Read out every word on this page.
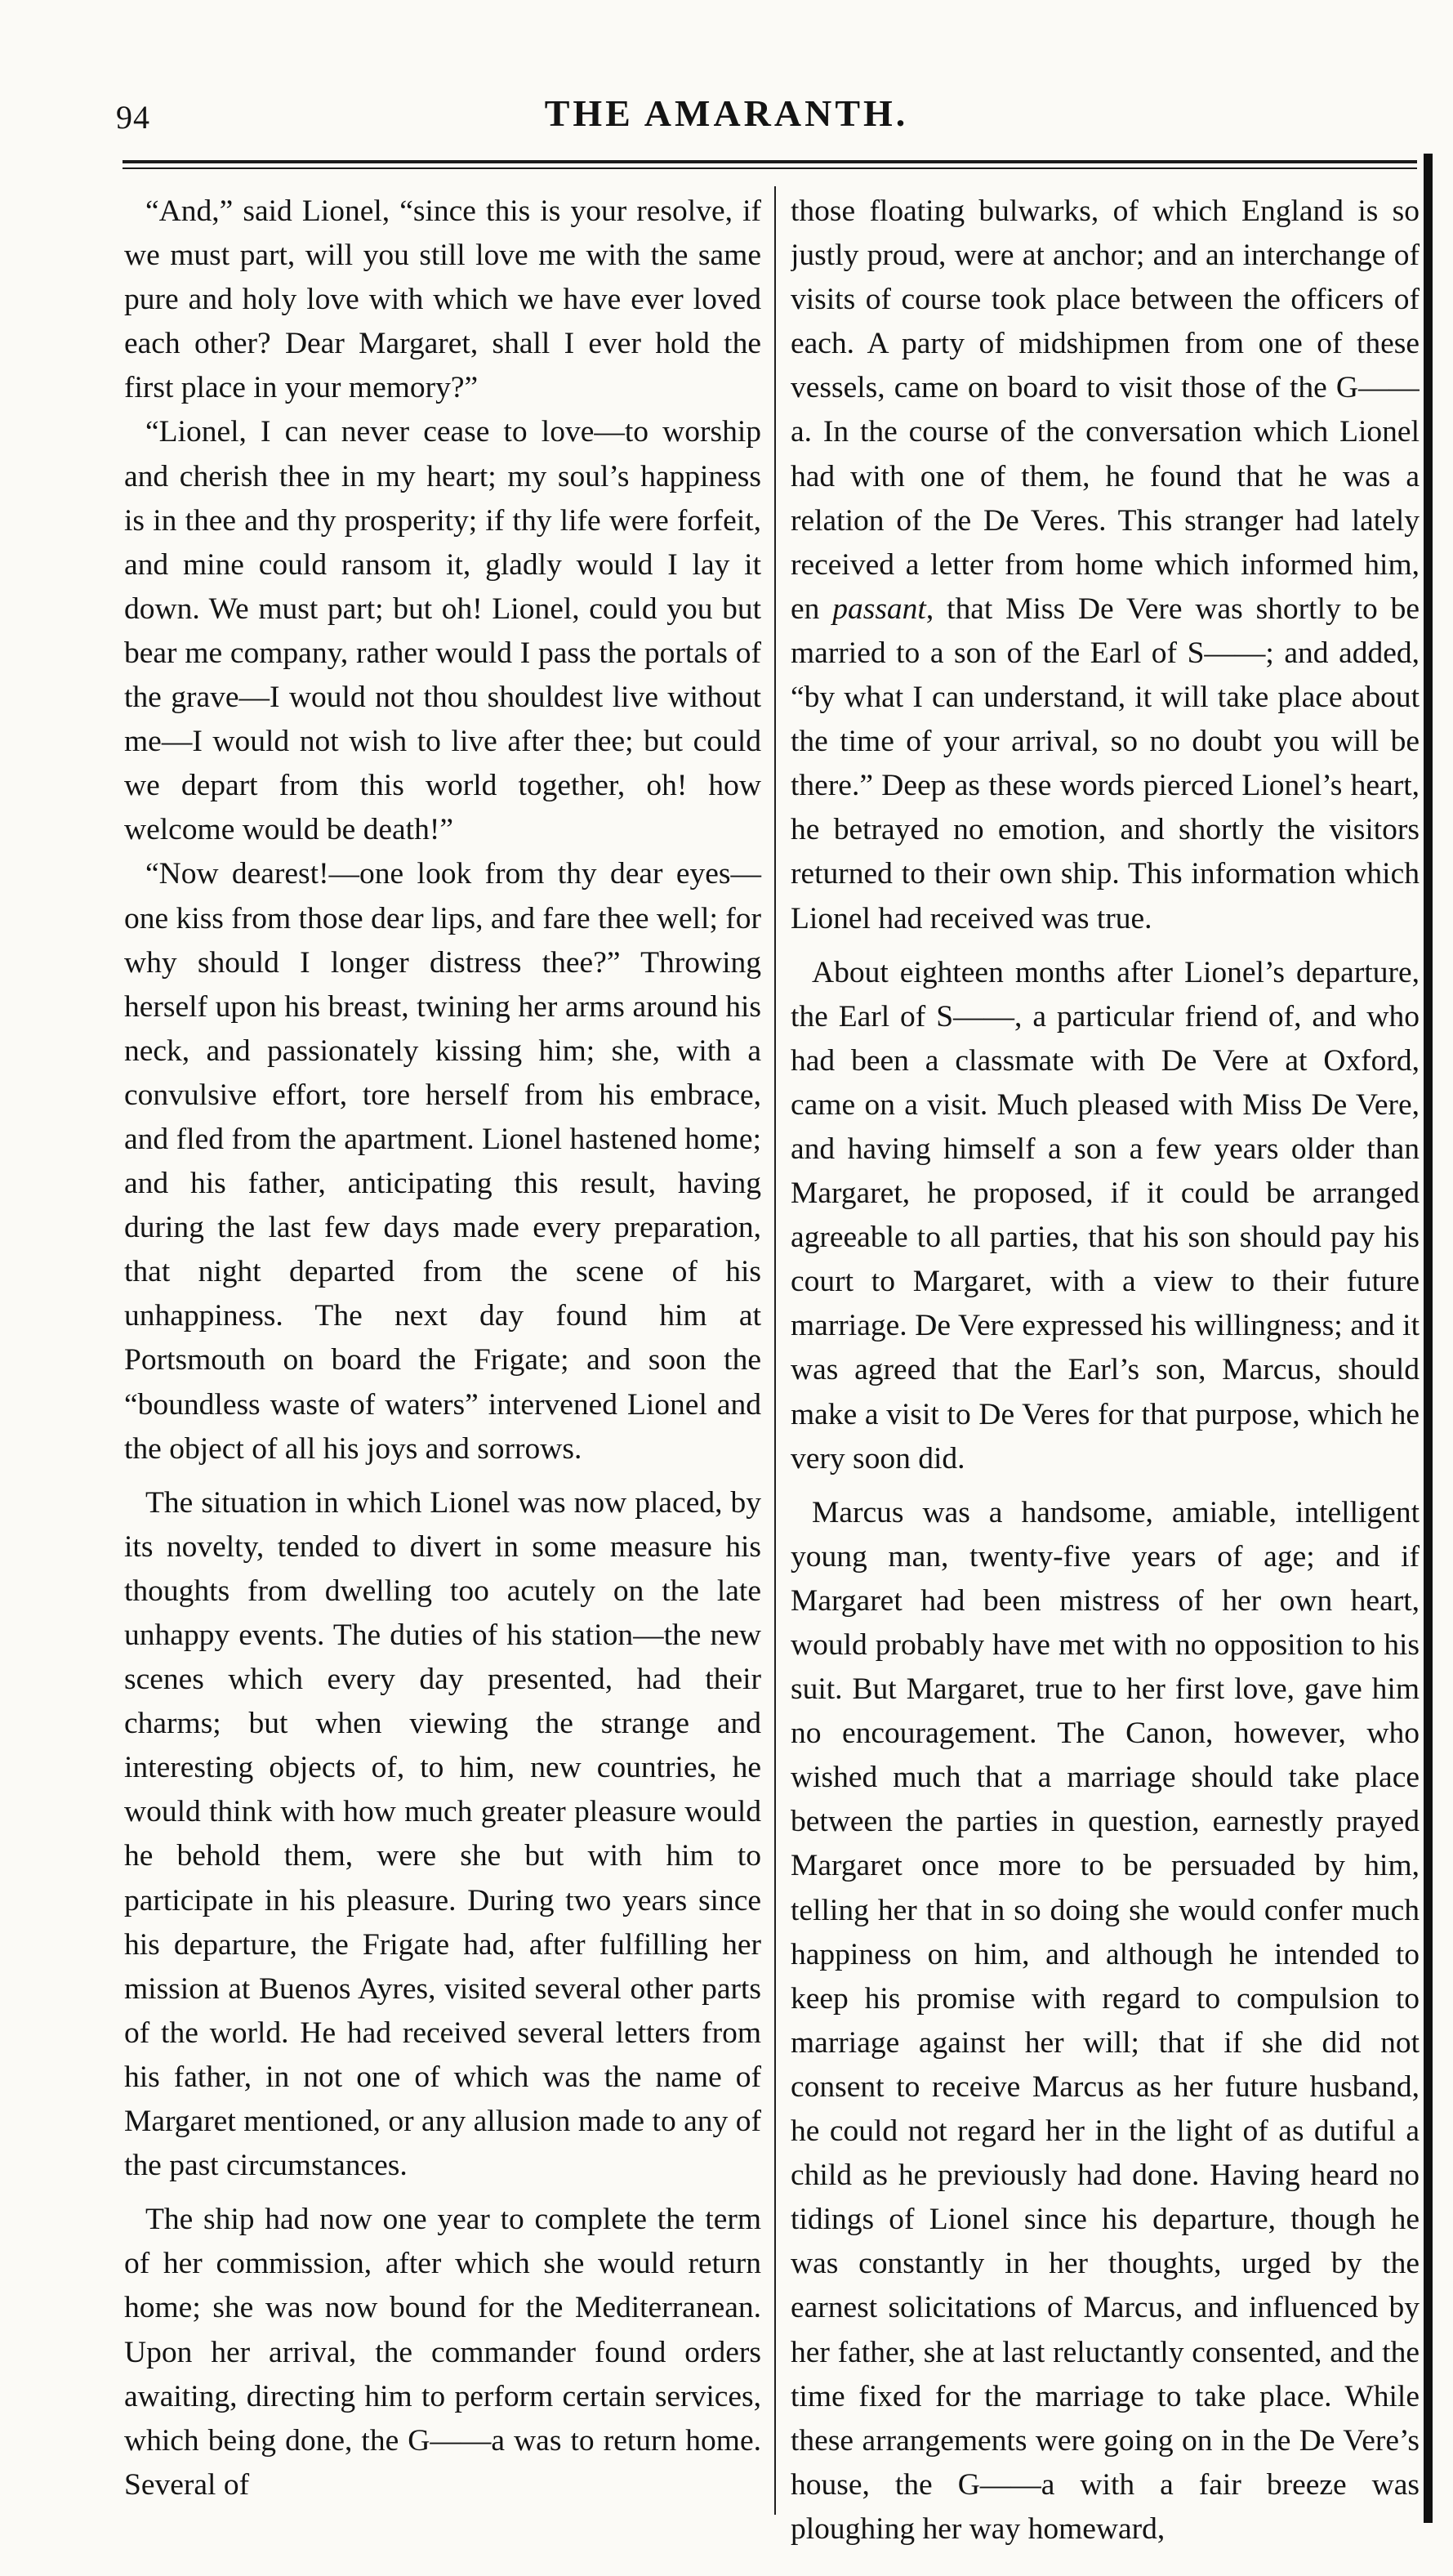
94	THE AMARANTH.

“And,” said Lionel, “since this is your resolve, if we must part, will you still love me with the same pure and holy love with which we have ever loved each other? Dear Margaret, shall I ever hold the first place in your memory?”

“Lionel, I can never cease to love—to worship and cherish thee in my heart; my soul’s happiness is in thee and thy prosperity; if thy life were forfeit, and mine could ransom it, gladly would I lay it down. We must part; but oh! Lionel, could you but bear me company, rather would I pass the portals of the grave—I would not thou shouldest live without me—I would not wish to live after thee; but could we depart from this world together, oh! how welcome would be death!”

“Now dearest!—one look from thy dear eyes—one kiss from those dear lips, and fare thee well; for why should I longer distress thee?” Throwing herself upon his breast, twining her arms around his neck, and passionately kissing him; she, with a convulsive effort, tore herself from his embrace, and fled from the apartment. Lionel hastened home; and his father, anticipating this result, having during the last few days made every preparation, that night departed from the scene of his unhappiness. The next day found him at Portsmouth on board the Frigate; and soon the “boundless waste of waters” intervened Lionel and the object of all his joys and sorrows.

The situation in which Lionel was now placed, by its novelty, tended to divert in some measure his thoughts from dwelling too acutely on the late unhappy events. The duties of his station—the new scenes which every day presented, had their charms; but when viewing the strange and interesting objects of, to him, new countries, he would think with how much greater pleasure would he behold them, were she but with him to participate in his pleasure. During two years since his departure, the Frigate had, after fulfilling her mission at Buenos Ayres, visited several other parts of the world. He had received several letters from his father, in not one of which was the name of Margaret mentioned, or any allusion made to any of the past circumstances.

The ship had now one year to complete the term of her commission, after which she would return home; she was now bound for the Mediterranean. Upon her arrival, the commander found orders awaiting, directing him to perform certain services, which being done, the G——a was to return home. Several of

those floating bulwarks, of which England is so justly proud, were at anchor; and an interchange of visits of course took place between the officers of each. A party of midshipmen from one of these vessels, came on board to visit those of the G——a. In the course of the conversation which Lionel had with one of them, he found that he was a relation of the De Veres. This stranger had lately received a letter from home which informed him, en passant, that Miss De Vere was shortly to be married to a son of the Earl of S——; and added, “by what I can understand, it will take place about the time of your arrival, so no doubt you will be there.” Deep as these words pierced Lionel’s heart, he betrayed no emotion, and shortly the visitors returned to their own ship. This information which Lionel had received was true.

About eighteen months after Lionel’s departure, the Earl of S——, a particular friend of, and who had been a classmate with De Vere at Oxford, came on a visit. Much pleased with Miss De Vere, and having himself a son a few years older than Margaret, he proposed, if it could be arranged agreeable to all parties, that his son should pay his court to Margaret, with a view to their future marriage. De Vere expressed his willingness; and it was agreed that the Earl’s son, Marcus, should make a visit to De Veres for that purpose, which he very soon did.

Marcus was a handsome, amiable, intelligent young man, twenty-five years of age; and if Margaret had been mistress of her own heart, would probably have met with no opposition to his suit. But Margaret, true to her first love, gave him no encouragement. The Canon, however, who wished much that a marriage should take place between the parties in question, earnestly prayed Margaret once more to be persuaded by him, telling her that in so doing she would confer much happiness on him, and although he intended to keep his promise with regard to compulsion to marriage against her will; that if she did not consent to receive Marcus as her future husband, he could not regard her in the light of as dutiful a child as he previously had done. Having heard no tidings of Lionel since his departure, though he was constantly in her thoughts, urged by the earnest solicitations of Marcus, and influenced by her father, she at last reluctantly consented, and the time fixed for the marriage to take place. While these arrangements were going on in the De Vere’s house, the G——a with a fair breeze was ploughing her way homeward,
